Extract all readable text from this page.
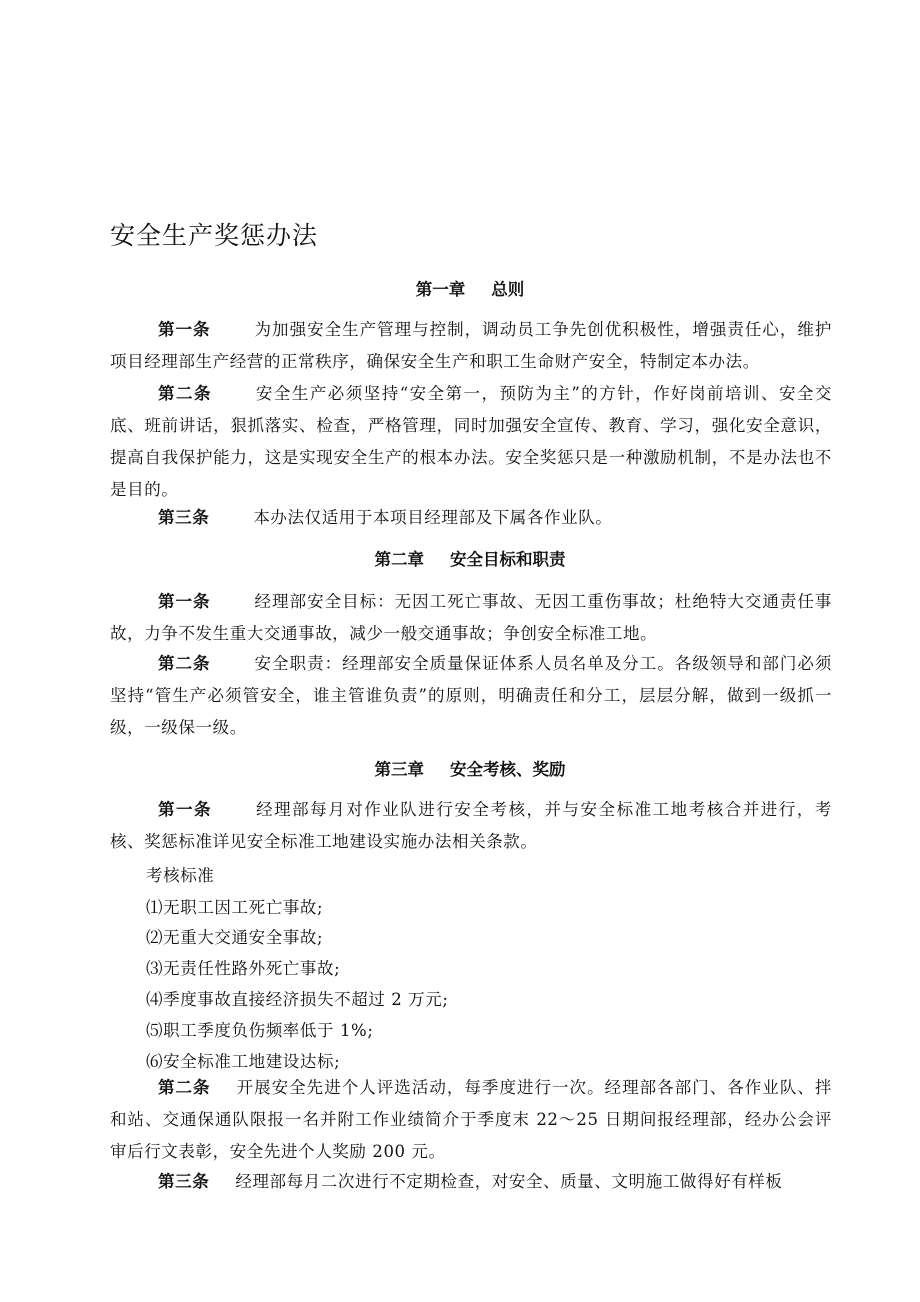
安全生产奖惩办法
第一章 总则
第一条	为加强安全生产管理与控制，调动员工争先创优积极性，增强责任心，维护项目经理部生产经营的正常秩序，确保安全生产和职工生命财产安全，特制定本办法。
第二条	安全生产必须坚持“安全第一，预防为主”的方针，作好岗前培训、安全交底、班前讲话，狠抓落实、检查，严格管理，同时加强安全宣传、教育、学习，强化安全意识，提高自我保护能力，这是实现安全生产的根本办法。安全奖惩只是一种激励机制，不是办法也不是目的。
第三条	本办法仅适用于本项目经理部及下属各作业队。
第二章 安全目标和职责
第一条	经理部安全目标：无因工死亡事故、无因工重伤事故；杜绝特大交通责任事故，力争不发生重大交通事故，减少一般交通事故；争创安全标准工地。
第二条	安全职责：经理部安全质量保证体系人员名单及分工。各级领导和部门必须坚持“管生产必须管安全，谁主管谁负责”的原则，明确责任和分工，层层分解，做到一级抓一级，一级保一级。
第三章 安全考核、奖励
第一条	经理部每月对作业队进行安全考核，并与安全标准工地考核合并进行，考核、奖惩标准详见安全标准工地建设实施办法相关条款。
考核标准
⑴无职工因工死亡事故;
⑵无重大交通安全事故;
⑶无责任性路外死亡事故;
⑷季度事故直接经济损失不超过 2 万元;
⑸职工季度负伤频率低于 1%;
⑹安全标准工地建设达标;
第二条 开展安全先进个人评选活动，每季度进行一次。经理部各部门、各作业队、拌和站、交通保通队限报一名并附工作业绩简介于季度末 22～25 日期间报经理部，经办公会评审后行文表彰，安全先进个人奖励 200 元。
第三条 经理部每月二次进行不定期检查，对安全、质量、文明施工做得好有样板
